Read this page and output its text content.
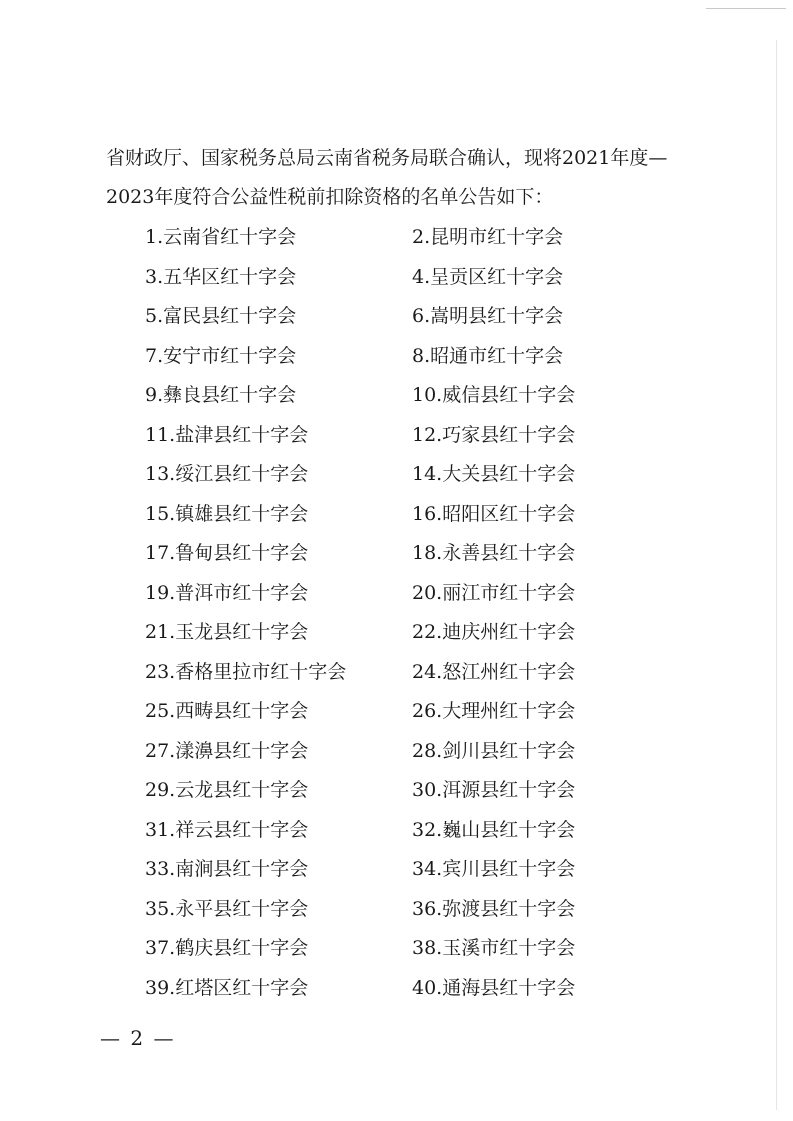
省财政厅、国家税务总局云南省税务局联合确认，现将2021年度—
2023年度符合公益性税前扣除资格的名单公告如下：
1.云南省红十字会	2.昆明市红十字会
3.五华区红十字会	4.呈贡区红十字会
5.富民县红十字会	6.嵩明县红十字会
7.安宁市红十字会	8.昭通市红十字会
9.彝良县红十字会	10.威信县红十字会
11.盐津县红十字会	12.巧家县红十字会
13.绥江县红十字会	14.大关县红十字会
15.镇雄县红十字会	16.昭阳区红十字会
17.鲁甸县红十字会	18.永善县红十字会
19.普洱市红十字会	20.丽江市红十字会
21.玉龙县红十字会	22.迪庆州红十字会
23.香格里拉市红十字会	24.怒江州红十字会
25.西畴县红十字会	26.大理州红十字会
27.漾濞县红十字会	28.剑川县红十字会
29.云龙县红十字会	30.洱源县红十字会
31.祥云县红十字会	32.巍山县红十字会
33.南涧县红十字会	34.宾川县红十字会
35.永平县红十字会	36.弥渡县红十字会
37.鹤庆县红十字会	38.玉溪市红十字会
39.红塔区红十字会	40.通海县红十字会
— 2 —
